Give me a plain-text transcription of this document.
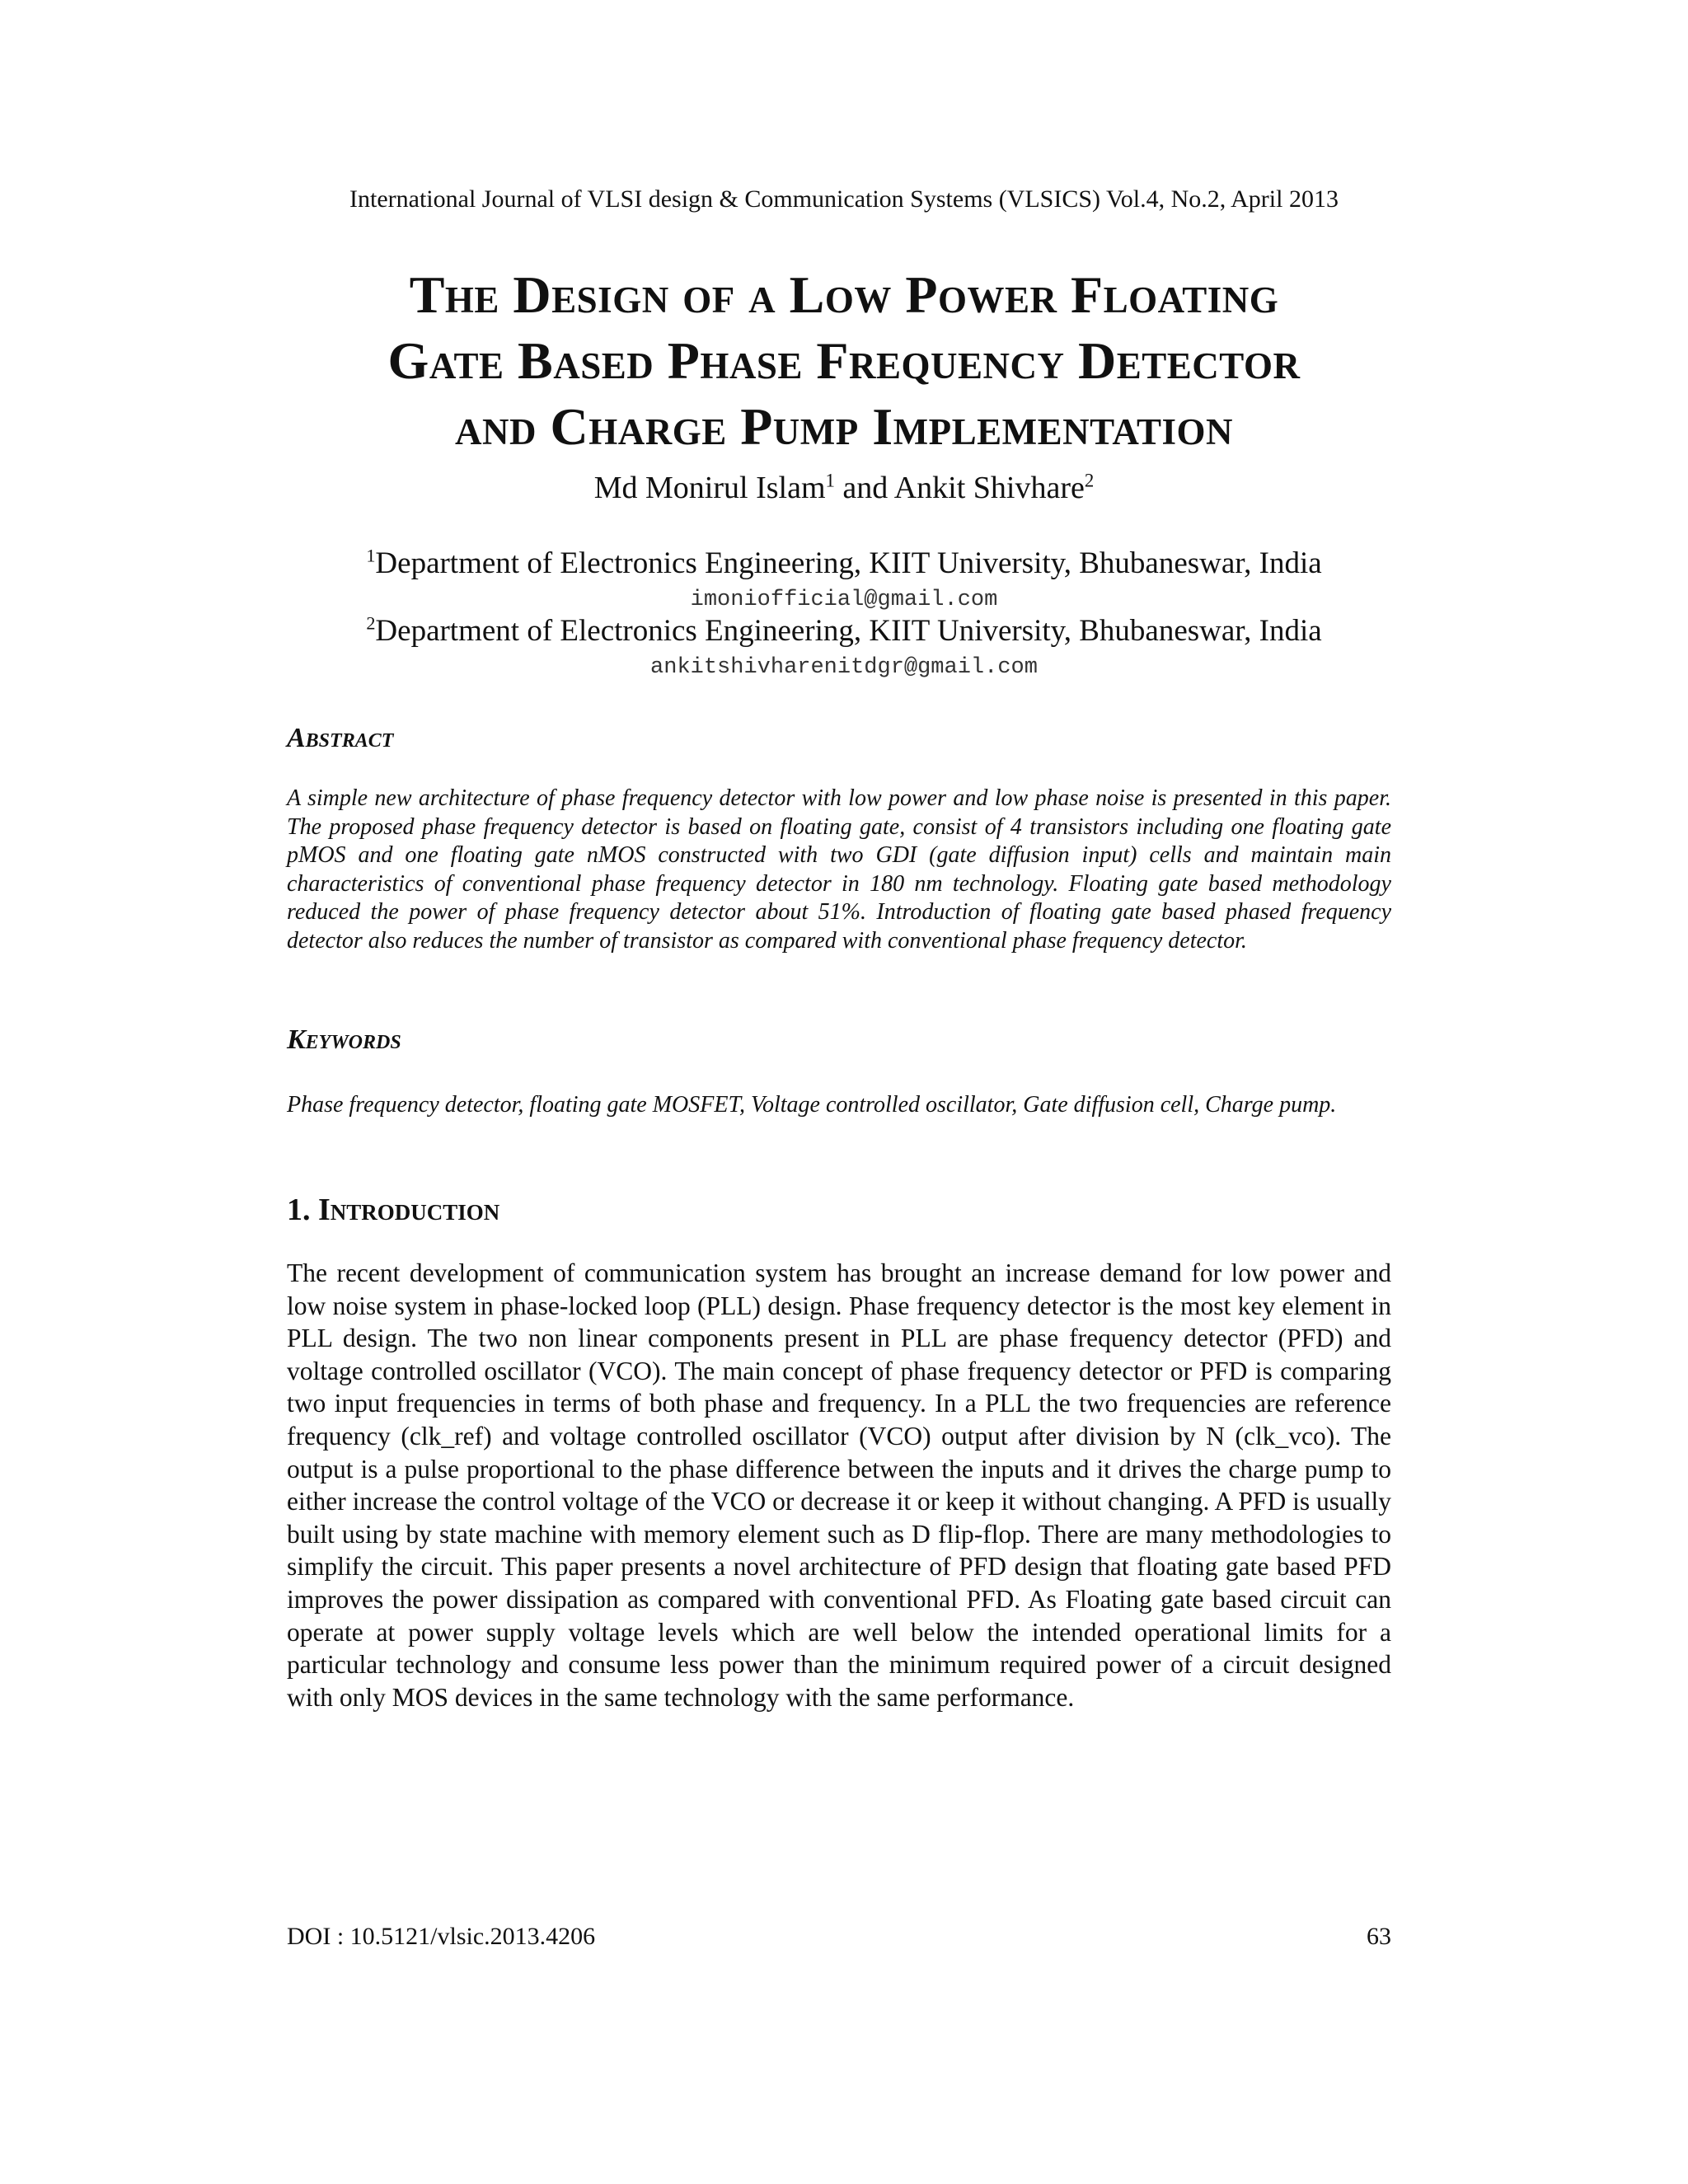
International Journal of VLSI design & Communication Systems (VLSICS) Vol.4, No.2, April 2013
The Design of a Low Power Floating
Gate Based Phase Frequency Detector
and Charge Pump Implementation
Md Monirul Islam$^1$ and Ankit Shivhare$^2$
$^1$Department of Electronics Engineering, KIIT University, Bhubaneswar, India
imoniofficial@gmail.com
$^2$Department of Electronics Engineering, KIIT University, Bhubaneswar, India
ankitshivharenitdgr@gmail.com
Abstract
A simple new architecture of phase frequency detector with low power and low phase noise is presented in this paper. The proposed phase frequency detector is based on floating gate, consist of 4 transistors including one floating gate pMOS and one floating gate nMOS constructed with two GDI (gate diffusion input) cells and maintain main characteristics of conventional phase frequency detector in 180 nm technology. Floating gate based methodology reduced the power of phase frequency detector about 51%. Introduction of floating gate based phased frequency detector also reduces the number of transistor as compared with conventional phase frequency detector.
Keywords
Phase frequency detector, floating gate MOSFET, Voltage controlled oscillator, Gate diffusion cell, Charge pump.
1. Introduction
The recent development of communication system has brought an increase demand for low power and low noise system in phase-locked loop (PLL) design. Phase frequency detector is the most key element in PLL design. The two non linear components present in PLL are phase frequency detector (PFD) and voltage controlled oscillator (VCO). The main concept of phase frequency detector or PFD is comparing two input frequencies in terms of both phase and frequency. In a PLL the two frequencies are reference frequency (clk_ref) and voltage controlled oscillator (VCO) output after division by N (clk_vco). The output is a pulse proportional to the phase difference between the inputs and it drives the charge pump to either increase the control voltage of the VCO or decrease it or keep it without changing. A PFD is usually built using by state machine with memory element such as D flip-flop. There are many methodologies to simplify the circuit. This paper presents a novel architecture of PFD design that floating gate based PFD improves the power dissipation as compared with conventional PFD. As Floating gate based circuit can operate at power supply voltage levels which are well below the intended operational limits for a particular technology and consume less power than the minimum required power of a circuit designed with only MOS devices in the same technology with the same performance.
DOI : 10.5121/vlsic.2013.4206	63
